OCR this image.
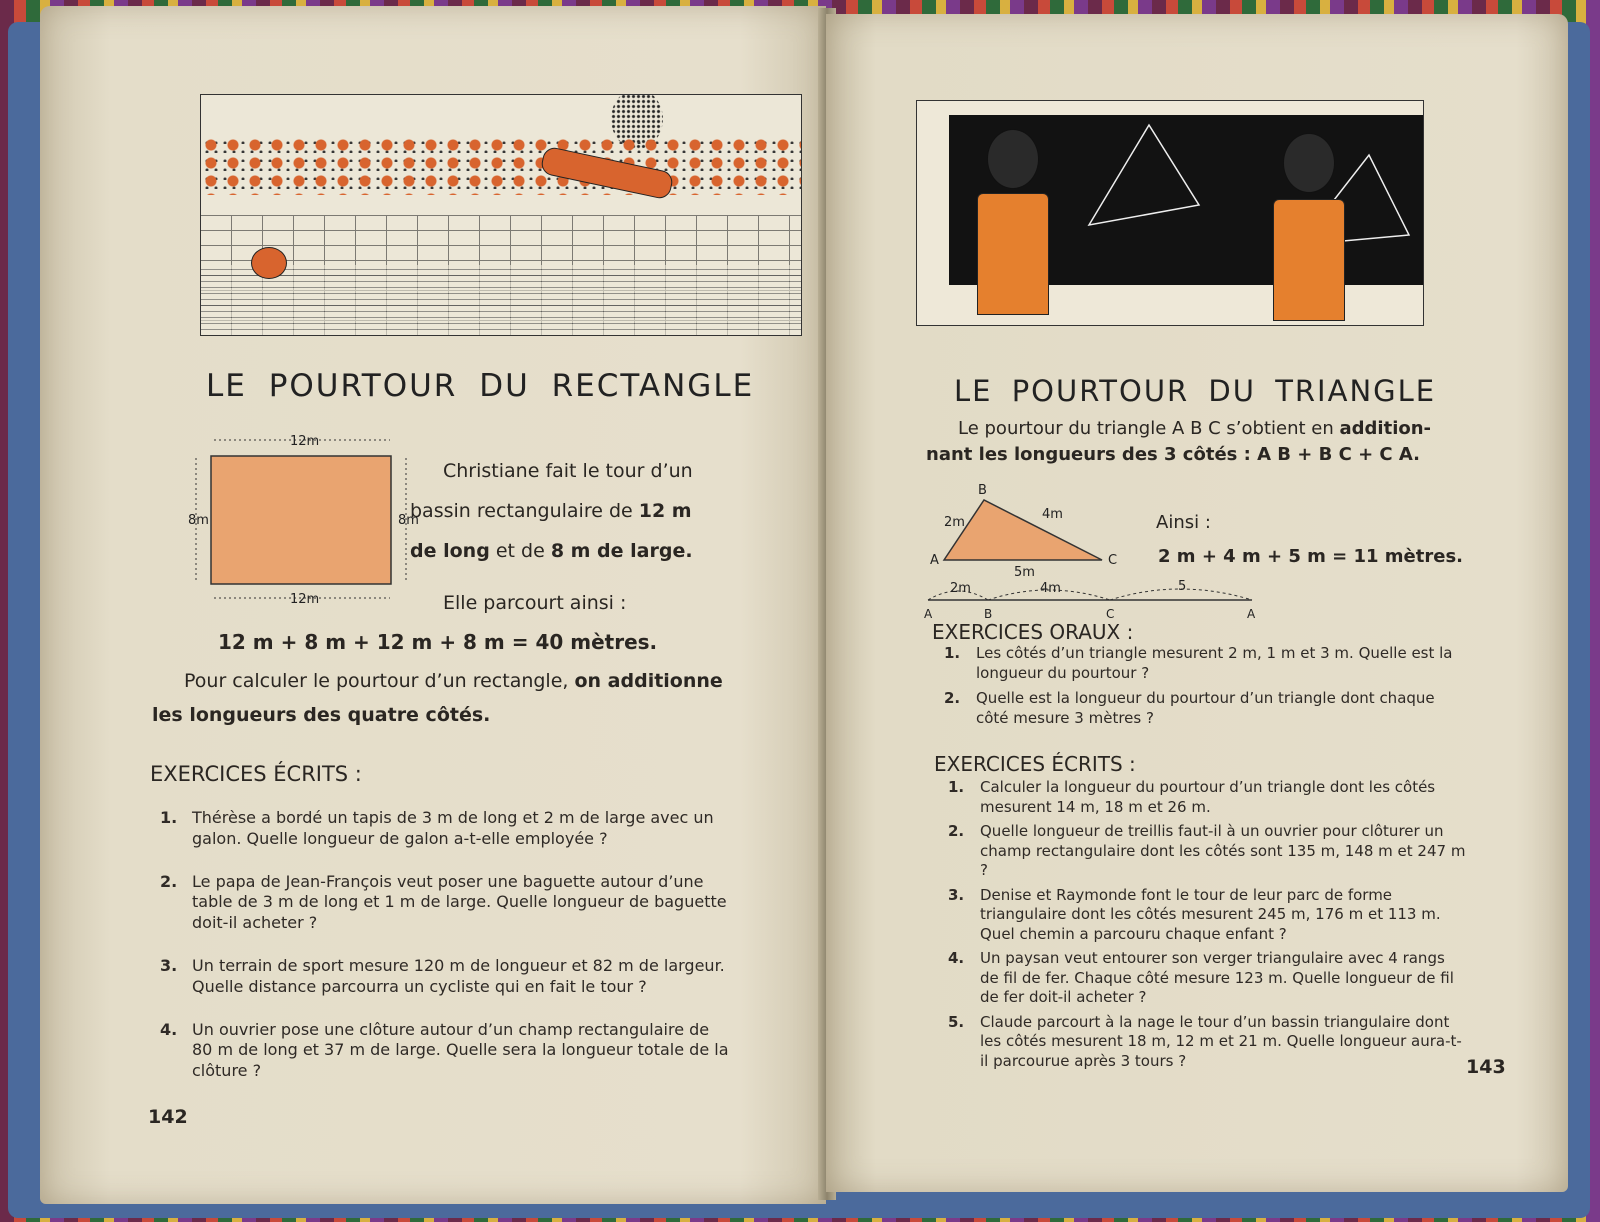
LE POURTOUR DU RECTANGLE
12m
12m
8m	8m
Christiane fait le tour d’un
bassin rectangulaire de 12 m
de long et de 8 m de large.
Elle parcourt ainsi :
12 m + 8 m + 12 m + 8 m = 40 mètres.
Pour calculer le pourtour d’un rectangle, on additionne
les longueurs des quatre côtés.
EXERCICES ÉCRITS :
1. Thérèse a bordé un tapis de 3 m de long et 2 m de large avec un galon. Quelle longueur de galon a-t-elle employée ?
2. Le papa de Jean-François veut poser une baguette autour d’une table de 3 m de long et 1 m de large. Quelle longueur de baguette doit-il acheter ?
3. Un terrain de sport mesure 120 m de longueur et 82 m de largeur. Quelle distance parcourra un cycliste qui en fait le tour ?
4. Un ouvrier pose une clôture autour d’un champ rectangulaire de 80 m de long et 37 m de large. Quelle sera la longueur totale de la clôture ?
142
LE POURTOUR DU TRIANGLE
Le pourtour du triangle A B C s’obtient en addition-
nant les longueurs des 3 côtés : A B + B C + C A.
A
B
C
2m
4m
5m
2m	4m	5
A	B	C	A
Ainsi :
2 m + 4 m + 5 m = 11 mètres.
EXERCICES ORAUX :
1. Les côtés d’un triangle mesurent 2 m, 1 m et 3 m. Quelle est la longueur du pourtour ?
2. Quelle est la longueur du pourtour d’un triangle dont chaque côté mesure 3 mètres ?
EXERCICES ÉCRITS :
1. Calculer la longueur du pourtour d’un triangle dont les côtés mesurent 14 m, 18 m et 26 m.
2. Quelle longueur de treillis faut-il à un ouvrier pour clôturer un champ rectangulaire dont les côtés sont 135 m, 148 m et 247 m ?
3. Denise et Raymonde font le tour de leur parc de forme triangulaire dont les côtés mesurent 245 m, 176 m et 113 m. Quel chemin a parcouru chaque enfant ?
4. Un paysan veut entourer son verger triangulaire avec 4 rangs de fil de fer. Chaque côté mesure 123 m. Quelle longueur de fil de fer doit-il acheter ?
5. Claude parcourt à la nage le tour d’un bassin triangulaire dont les côtés mesurent 18 m, 12 m et 21 m. Quelle longueur aura-t-il parcourue après 3 tours ?	143
